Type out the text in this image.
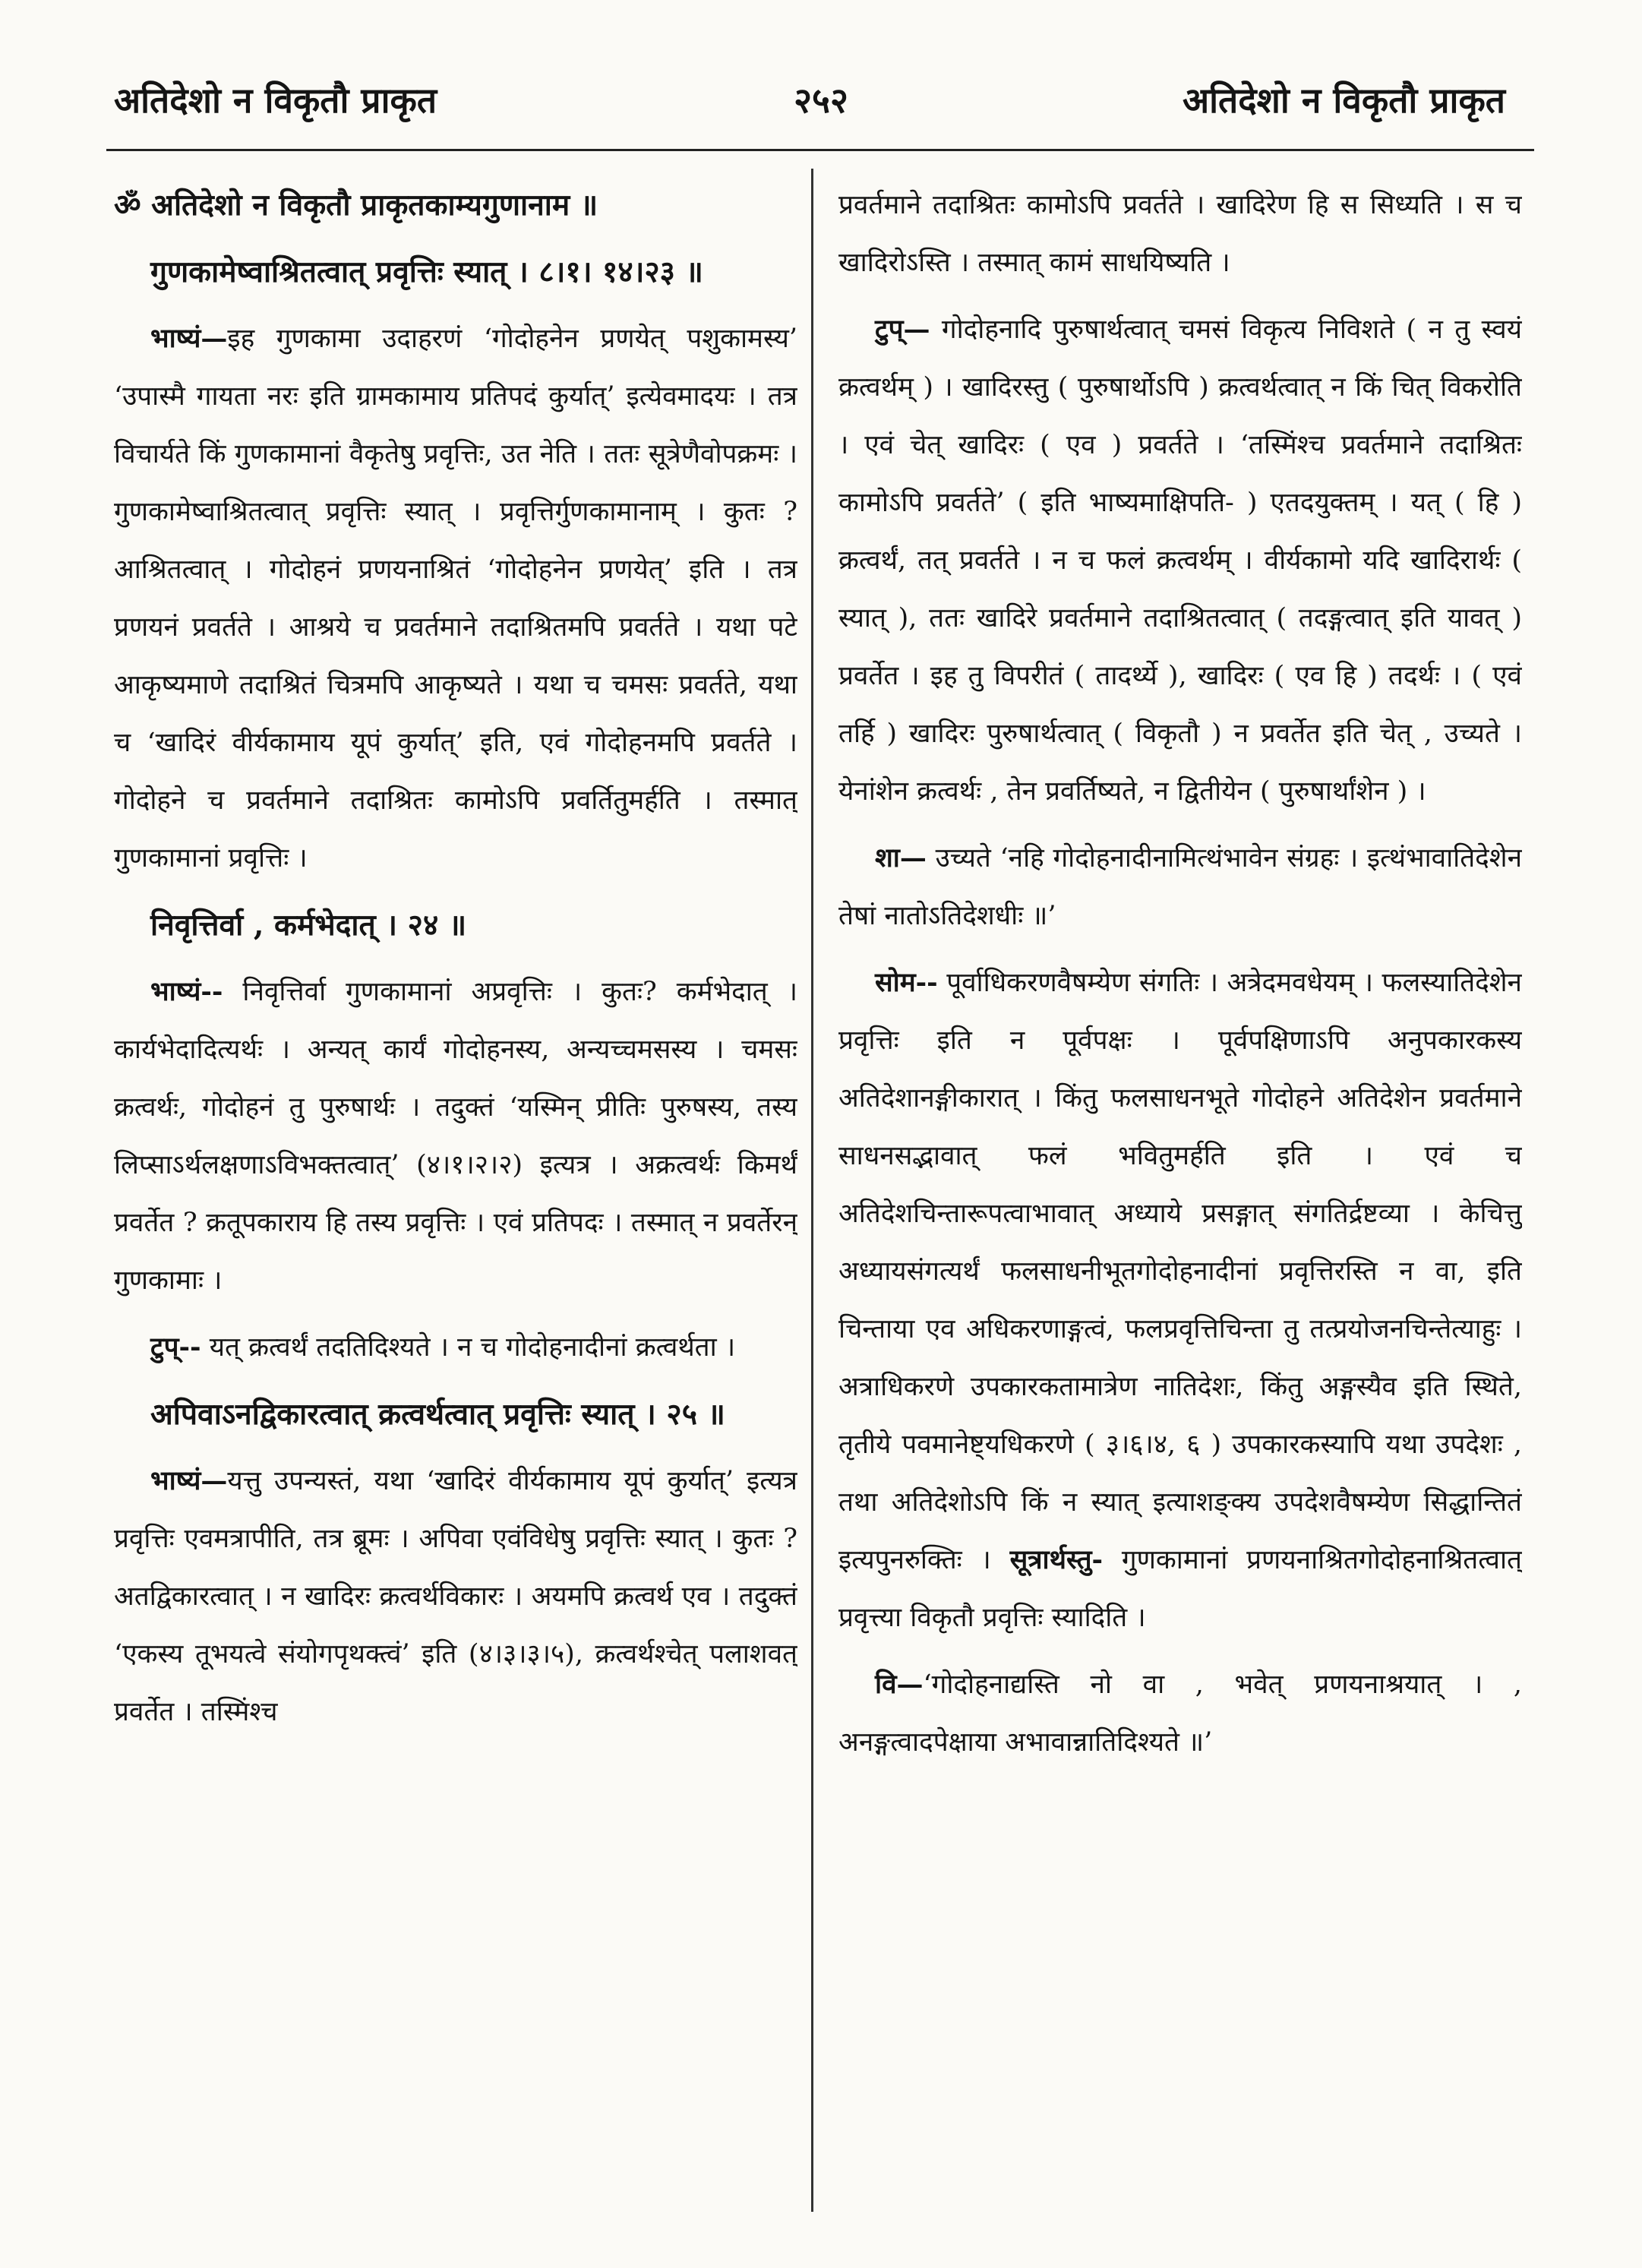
अतिदेशो न विकृतौ प्राकृत	२५२	अतिदेशो न विकृतौ प्राकृत

ॐ अतिदेशो न विकृतौ प्राकृतकाम्यगुणानाम ॥

गुणकामेष्वाश्रितत्वात् प्रवृत्तिः स्यात् । ८।१। १४।२३ ॥

भाष्यं—इह गुणकामा उदाहरणं ‘गोदोहनेन प्रणयेत् पशुकामस्य’ ‘उपास्मै गायता नरः इति ग्रामकामाय प्रतिपदं कुर्यात्’ इत्येवमादयः । तत्र विचार्यते किं गुणकामानां वैकृतेषु प्रवृत्तिः, उत नेति । ततः सूत्रेणैवोपक्रमः । गुणकामेष्वाश्रितत्वात् प्रवृत्तिः स्यात् । प्रवृत्तिर्गुणकामानाम् । कुतः ? आश्रितत्वात् । गोदोहनं प्रणयनाश्रितं ‘गोदोहनेन प्रणयेत्’ इति । तत्र प्रणयनं प्रवर्तते । आश्रये च प्रवर्तमाने तदाश्रितमपि प्रवर्तते । यथा पटे आकृष्यमाणे तदाश्रितं चित्रमपि आकृष्यते । यथा च चमसः प्रवर्तते, यथा च ‘खादिरं वीर्यकामाय यूपं कुर्यात्’ इति, एवं गोदोहनमपि प्रवर्तते । गोदोहने च प्रवर्तमाने तदाश्रितः कामोऽपि प्रवर्तितुमर्हति । तस्मात् गुणकामानां प्रवृत्तिः ।

निवृत्तिर्वा , कर्मभेदात् । २४ ॥

भाष्यं-- निवृत्तिर्वा गुणकामानां अप्रवृत्तिः । कुतः? कर्मभेदात् । कार्यभेदादित्यर्थः । अन्यत् कार्यं गोदोहनस्य, अन्यच्चमसस्य । चमसः क्रत्वर्थः, गोदोहनं तु पुरुषार्थः । तदुक्तं ‘यस्मिन् प्रीतिः पुरुषस्य, तस्य लिप्साऽर्थलक्षणाऽविभक्तत्वात्’ (४।१।२।२) इत्यत्र । अक्रत्वर्थः किमर्थं प्रवर्तेत ? क्रतूपकाराय हि तस्य प्रवृत्तिः । एवं प्रतिपदः । तस्मात् न प्रवर्तेरन् गुणकामाः ।

टुप्-- यत् क्रत्वर्थं तदतिदिश्यते । न च गोदोहनादीनां क्रत्वर्थता ।

अपिवाऽनद्विकारत्वात् क्रत्वर्थत्वात् प्रवृत्तिः स्यात् । २५ ॥

भाष्यं—यत्तु उपन्यस्तं, यथा ‘खादिरं वीर्यकामाय यूपं कुर्यात्’ इत्यत्र प्रवृत्तिः एवमत्रापीति, तत्र ब्रूमः । अपिवा एवंविधेषु प्रवृत्तिः स्यात् । कुतः ? अतद्विकारत्वात् । न खादिरः क्रत्वर्थविकारः । अयमपि क्रत्वर्थ एव । तदुक्तं ‘एकस्य तूभयत्वे संयोगपृथक्त्वं’ इति (४।३।३।५), क्रत्वर्थश्चेत् पलाशवत् प्रवर्तेत । तस्मिंश्च

प्रवर्तमाने तदाश्रितः कामोऽपि प्रवर्तते । खादिरेण हि स सिध्यति । स च खादिरोऽस्ति । तस्मात् कामं साधयिष्यति ।

टुप्— गोदोहनादि पुरुषार्थत्वात् चमसं विकृत्य निविशते ( न तु स्वयं क्रत्वर्थम् ) । खादिरस्तु ( पुरुषार्थोऽपि ) क्रत्वर्थत्वात् न किं चित् विकरोति । एवं चेत् खादिरः ( एव ) प्रवर्तते । ‘तस्मिंश्च प्रवर्तमाने तदाश्रितः कामोऽपि प्रवर्तते’ ( इति भाष्यमाक्षिपति- ) एतदयुक्तम् । यत् ( हि ) क्रत्वर्थं, तत् प्रवर्तते । न च फलं क्रत्वर्थम् । वीर्यकामो यदि खादिरार्थः ( स्यात् ), ततः खादिरे प्रवर्तमाने तदाश्रितत्वात् ( तदङ्गत्वात् इति यावत् ) प्रवर्तेत । इह तु विपरीतं ( तादर्थ्ये ), खादिरः ( एव हि ) तदर्थः । ( एवं तर्हि ) खादिरः पुरुषार्थत्वात् ( विकृतौ ) न प्रवर्तेत इति चेत् , उच्यते । येनांशेन क्रत्वर्थः , तेन प्रवर्तिष्यते, न द्वितीयेन ( पुरुषार्थांशेन ) ।

शा— उच्यते ‘नहि गोदोहनादीनामित्थंभावेन संग्रहः । इत्थंभावातिदेशेन तेषां नातोऽतिदेशधीः ॥’

सोम-- पूर्वाधिकरणवैषम्येण संगतिः । अत्रेदमवधेयम् । फलस्यातिदेशेन प्रवृत्तिः इति न पूर्वपक्षः । पूर्वपक्षिणाऽपि अनुपकारकस्य अतिदेशानङ्गीकारात् । किंतु फलसाधनभूते गोदोहने अतिदेशेन प्रवर्तमाने साधनसद्भावात् फलं भवितुमर्हति इति । एवं च अतिदेशचिन्तारूपत्वाभावात् अध्याये प्रसङ्गात् संगतिर्द्रष्टव्या । केचित्तु अध्यायसंगत्यर्थं फलसाधनीभूतगोदोहनादीनां प्रवृत्तिरस्ति न वा, इति चिन्ताया एव अधिकरणाङ्गत्वं, फलप्रवृत्तिचिन्ता तु तत्प्रयोजनचिन्तेत्याहुः । अत्राधिकरणे उपकारकतामात्रेण नातिदेशः, किंतु अङ्गस्यैव इति स्थिते, तृतीये पवमानेष्ट्यधिकरणे ( ३।६।४, ६ ) उपकारकस्यापि यथा उपदेशः , तथा अतिदेशोऽपि किं न स्यात् इत्याशङ्क्य उपदेशवैषम्येण सिद्धान्तितं इत्यपुनरुक्तिः । सूत्रार्थस्तु- गुणकामानां प्रणयनाश्रितगोदोहनाश्रितत्वात् प्रवृत्त्या विकृतौ प्रवृत्तिः स्यादिति ।

वि—‘गोदोहनाद्यस्ति नो वा , भवेत् प्रणयनाश्रयात् । , अनङ्गत्वादपेक्षाया अभावान्नातिदिश्यते ॥’
